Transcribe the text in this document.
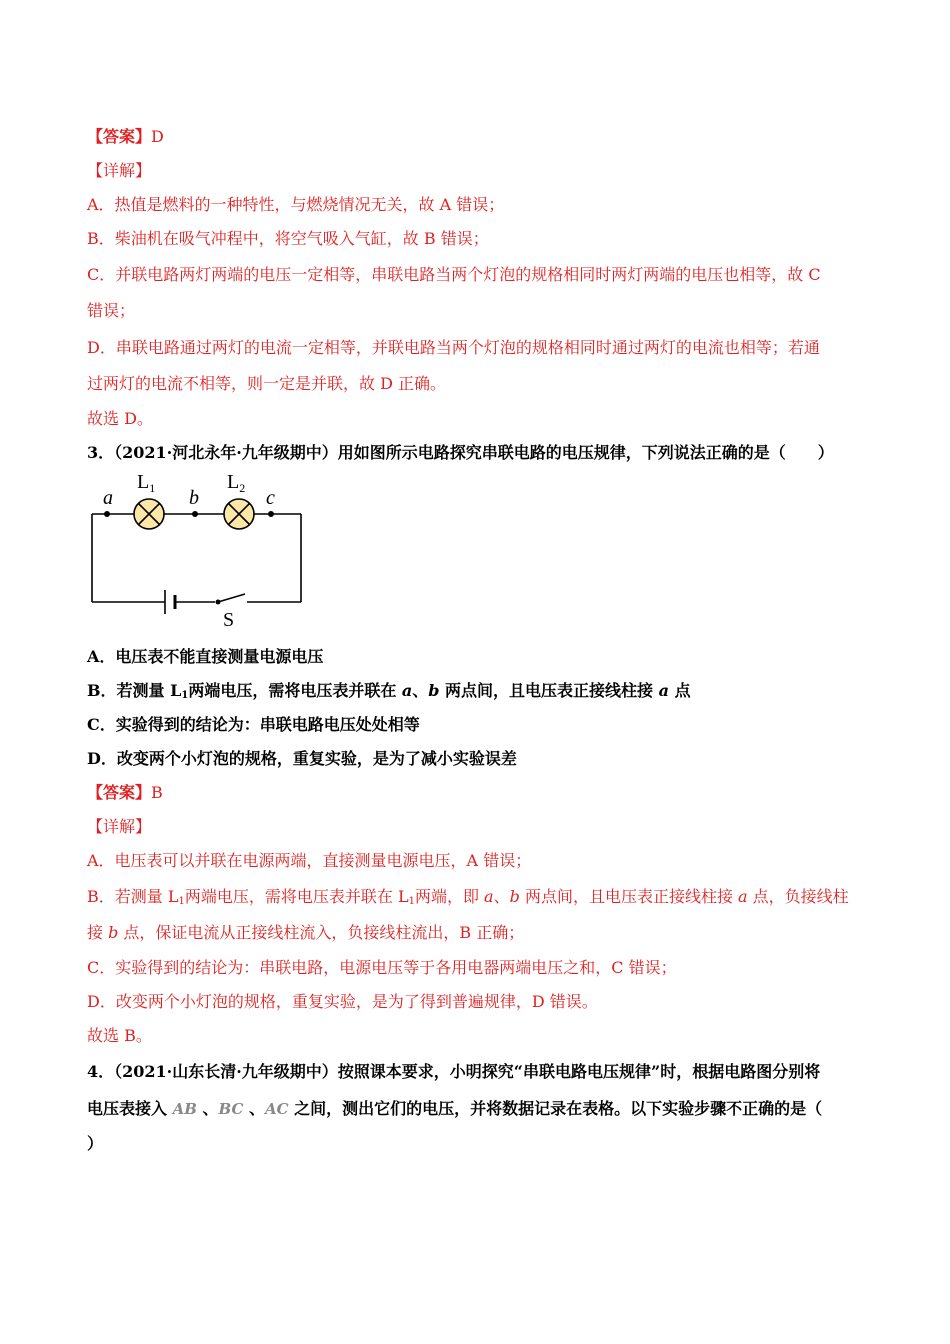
【答案】D
【详解】
A．热值是燃料的一种特性，与燃烧情况无关，故 A 错误；
B．柴油机在吸气冲程中，将空气吸入气缸，故 B 错误；
C．并联电路两灯两端的电压一定相等，串联电路当两个灯泡的规格相同时两灯两端的电压也相等，故 C
错误；
D．串联电路通过两灯的电流一定相等，并联电路当两个灯泡的规格相同时通过两灯的电流也相等；若通
过两灯的电流不相等，则一定是并联，故 D 正确。
故选 D。
3．（2021·河北永年·九年级期中）用如图所示电路探究串联电路的电压规律，下列说法正确的是（　　）
a	b	c
$L_1$	$L_2$
S
A．电压表不能直接测量电源电压
B．若测量 $L_1$两端电压，需将电压表并联在 a、b 两点间，且电压表正接线柱接 a 点
C．实验得到的结论为：串联电路电压处处相等
D．改变两个小灯泡的规格，重复实验，是为了减小实验误差
【答案】B
【详解】
A．电压表可以并联在电源两端，直接测量电源电压，A 错误；
B．若测量 $L_1$两端电压，需将电压表并联在 $L_1$两端，即 a、b 两点间，且电压表正接线柱接 a 点，负接线柱
接 b 点，保证电流从正接线柱流入，负接线柱流出，B 正确；
C．实验得到的结论为：串联电路，电源电压等于各用电器两端电压之和，C 错误；
D．改变两个小灯泡的规格，重复实验，是为了得到普遍规律，D 错误。
故选 B。
4．（2021·山东长清·九年级期中）按照课本要求，小明探究“串联电路电压规律”时，根据电路图分别将
电压表接入 AB 、BC 、AC 之间，测出它们的电压，并将数据记录在表格。以下实验步骤不正确的是（
）
